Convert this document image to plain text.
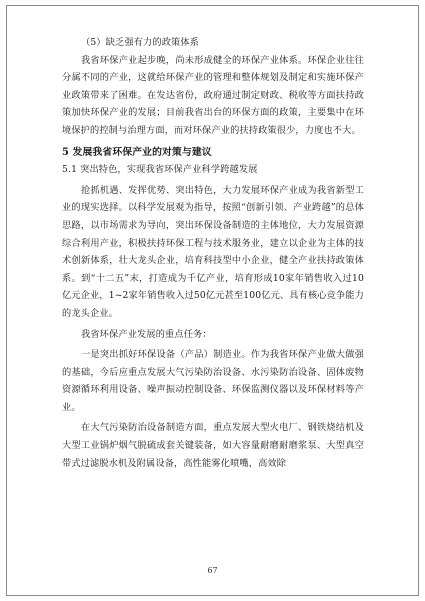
（5）缺乏强有力的政策体系

我省环保产业起步晚，尚未形成健全的环保产业体系。环保企业往往分属不同的产业，这就给环保产业的管理和整体规划及制定和实施环保产业政策带来了困难。在发达省份，政府通过制定财政、税收等方面扶持政策加快环保产业的发展；目前我省出台的环保方面的政策，主要集中在环境保护的控制与治理方面，而对环保产业的扶持政策很少，力度也不大。

5 发展我省环保产业的对策与建议

5.1 突出特色，实现我省环保产业科学跨越发展

抢抓机遇、发挥优势、突出特色，大力发展环保产业成为我省新型工业的现实选择。以科学发展观为指导，按照“创新引领、产业跨越”的总体思路，以市场需求为导向，突出环保设备制造的主体地位，大力发展资源综合利用产业，积极扶持环保工程与技术服务业，建立以企业为主体的技术创新体系，壮大龙头企业，培育科技型中小企业，健全产业扶持政策体系。到“十二五”末，打造成为千亿产业，培育形成10家年销售收入过10亿元企业，1~2家年销售收入过50亿元甚至100亿元、具有核心竞争能力的龙头企业。

我省环保产业发展的重点任务：

一是突出抓好环保设备（产品）制造业。作为我省环保产业做大做强的基础，今后应重点发展大气污染防治设备、水污染防治设备、固体废物资源循环利用设备、噪声振动控制设备、环保监测仪器以及环保材料等产业。

在大气污染防治设备制造方面，重点发展大型火电厂、钢铁烧结机及大型工业锅炉烟气脱硫成套关键装备，如大容量耐磨耐磨浆泵、大型真空带式过滤脱水机及附属设备，高性能雾化喷嘴，高效除

67
